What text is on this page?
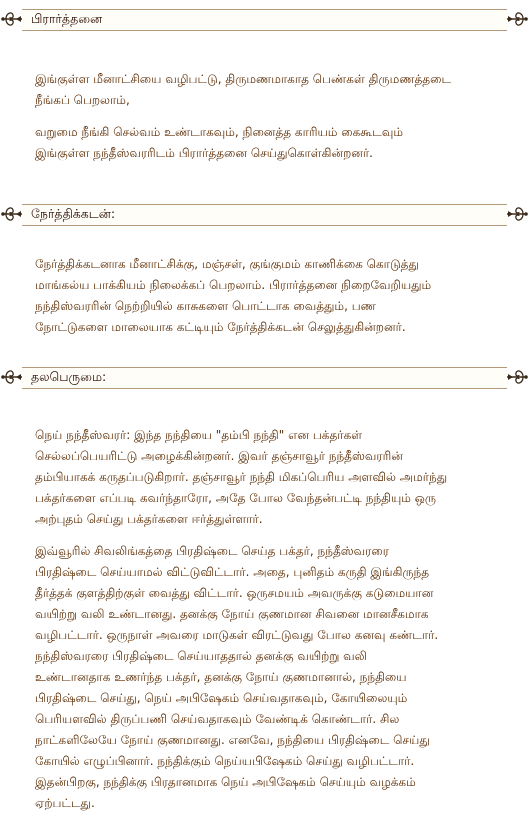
பிரார்த்தனை

இங்குள்ள மீனாட்சியை வழிபட்டு, திருமணமாகாத பெண்கள் திருமணத்தடை
நீங்கப் பெறலாம்,

வறுமை நீங்கி செல்வம் உண்டாகவும், நினைத்த காரியம் கைகூடவும்
இங்குள்ள நந்தீஸ்வரரிடம் பிரார்த்தனை செய்துகொள்கின்றனர்.

நேர்த்திக்கடன்:

நேர்த்திக்கடனாக மீனாட்சிக்கு, மஞ்சள், குங்குமம் காணிக்கை கொடுத்து
மாங்கல்ய பாக்கியம் நிலைக்கப் பெறலாம். பிரார்த்தனை நிறைவேறியதும்
நந்திஸ்வரரின் நெற்றியில் காசுகளை பொட்டாக வைத்தும், பண
நோட்டுகளை மாலையாக கட்டியும் நேர்த்திக்கடன் செலுத்துகின்றனர்.

தலபெருமை:

நெய் நந்தீஸ்வரர்: இந்த நந்தியை "தம்பி நந்தி" என பக்தர்கள்
செல்லப்பெயரிட்டு அழைக்கின்றனர். இவர் தஞ்சாவூர் நந்தீஸ்வரரின்
தம்பியாகக் கருதப்படுகிறார். தஞ்சாவூர் நந்தி மிகப்பெரிய அளவில் அமர்ந்து
பக்தர்களை எப்படி கவர்ந்தாரோ, அதே போல வேந்தன்பட்டி நந்தியும் ஒரு
அற்புதம் செய்து பக்தர்களை ஈர்த்துள்ளார்.

இவ்வூரில் சிவலிங்கத்தை பிரதிஷ்டை செய்த பக்தர், நந்தீஸ்வரரை
பிரதிஷ்டை செய்யாமல் விட்டுவிட்டார். அதை, புனிதம் கருதி இங்கிருந்த
தீர்த்தக் குளத்திற்குள் வைத்து விட்டார். ஒருசமயம் அவருக்கு கடுமையான
வயிற்று வலி உண்டானது. தனக்கு நோய் குணமான சிவனை மானசீகமாக
வழிபட்டார். ஒருநாள் அவரை மாடுகள் விரட்டுவது போல கனவு கண்டார்.
நந்திஸ்வரரை பிரதிஷ்டை செய்யாததால் தனக்கு வயிற்று வலி
உண்டானதாக உணர்ந்த பக்தர், தனக்கு நோய் குணமானால், நந்தியை
பிரதிஷ்டை செய்து, நெய் அபிஷேகம் செய்வதாகவும், கோயிலையும்
பெரியளவில் திருப்பணி செய்வதாகவும் வேண்டிக் கொண்டார். சில
நாட்களிலேயே நோய் குணமானது. எனவே, நந்தியை பிரதிஷ்டை செய்து
கோயில் எழுப்பினார். நந்திக்கும் நெய்யபிஷேகம் செய்து வழிபட்டார்.
இதன்பிறகு, நந்திக்கு பிரதானமாக நெய் அபிஷேகம் செய்யும் வழக்கம்
ஏற்பட்டது.
